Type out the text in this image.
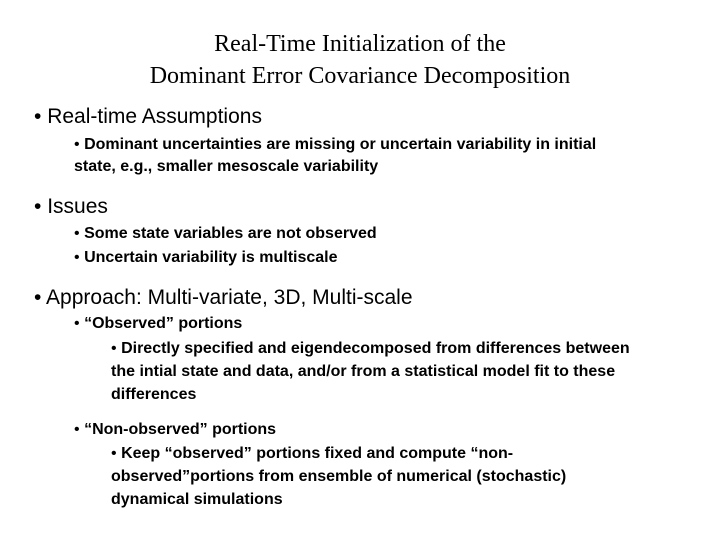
Real-Time Initialization of the
Dominant Error Covariance Decomposition
• Real-time Assumptions
• Dominant uncertainties are missing or uncertain variability in initial
state, e.g., smaller mesoscale variability
• Issues
• Some state variables are not observed
• Uncertain variability is multiscale
• Approach: Multi-variate, 3D, Multi-scale
• “Observed” portions
• Directly specified and eigendecomposed from differences between
the intial state and data, and/or from a statistical model fit to these
differences
• “Non-observed” portions
• Keep “observed” portions fixed and compute “non-
observed”portions from ensemble of numerical (stochastic)
dynamical simulations
